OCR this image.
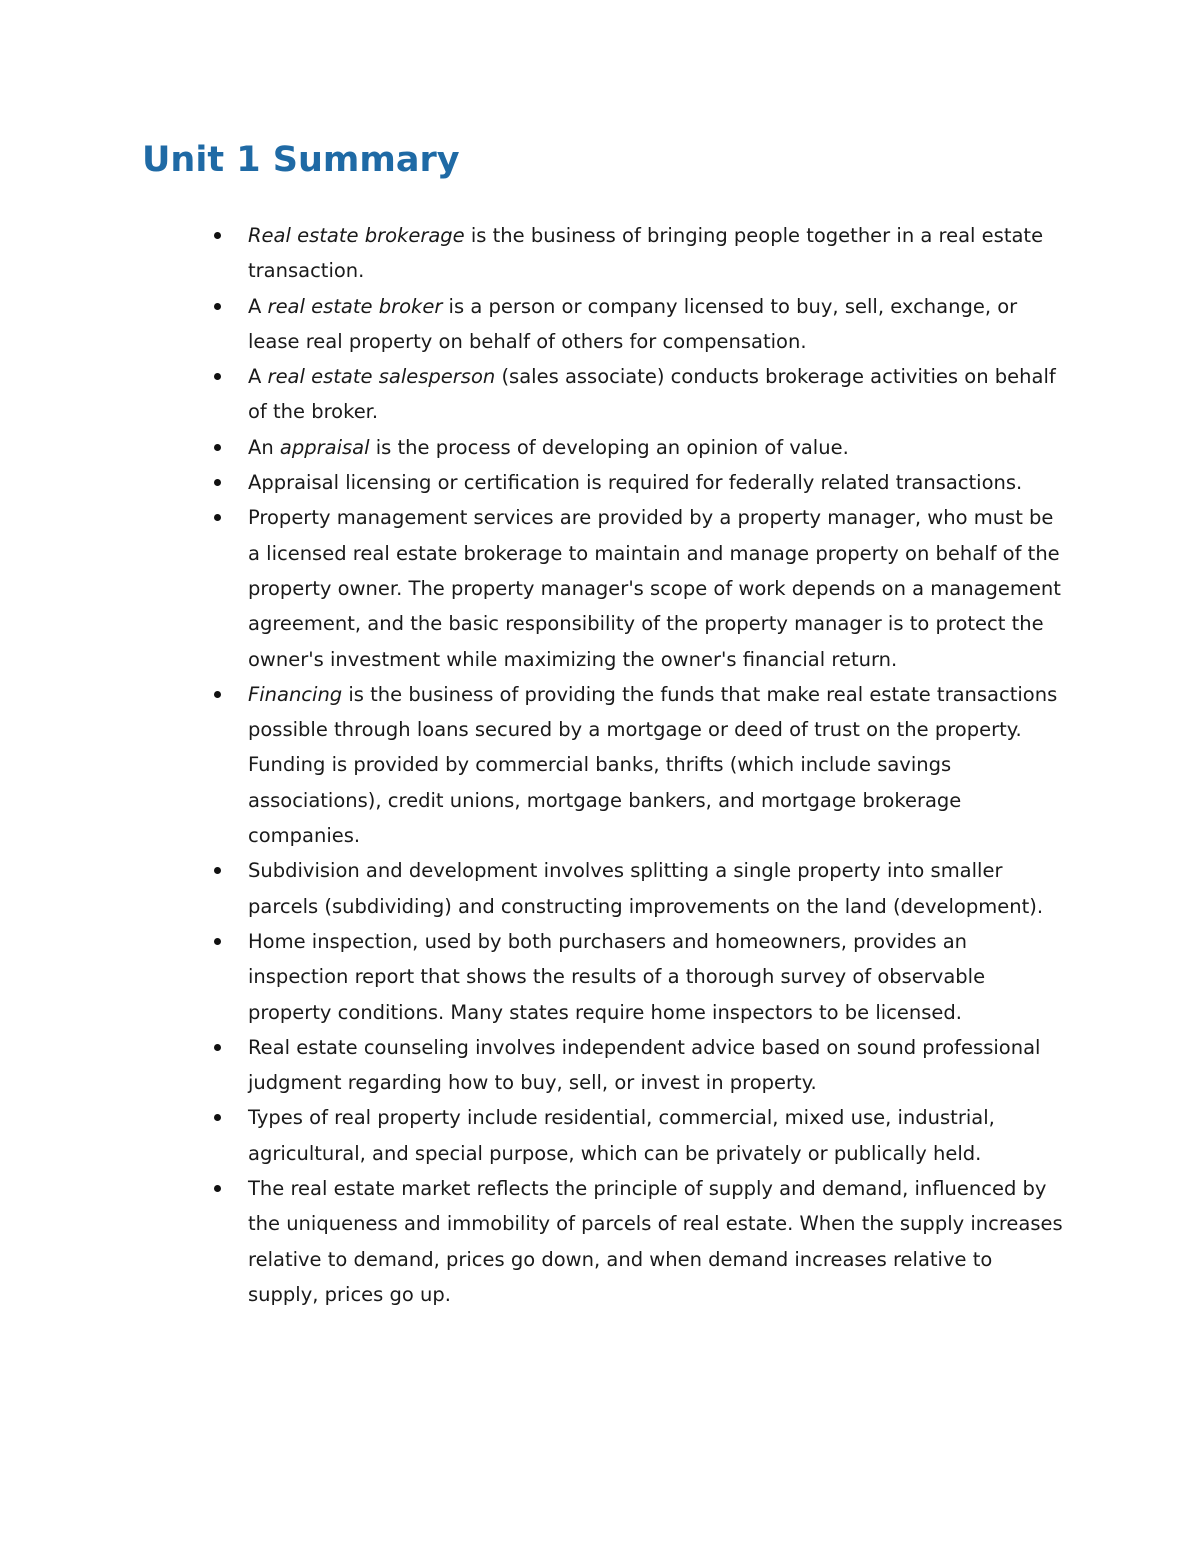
Unit 1 Summary
Real estate brokerage is the business of bringing people together in a real estate transaction.
A real estate broker is a person or company licensed to buy, sell, exchange, or lease real property on behalf of others for compensation.
A real estate salesperson (sales associate) conducts brokerage activities on behalf of the broker.
An appraisal is the process of developing an opinion of value.
Appraisal licensing or certification is required for federally related transactions.
Property management services are provided by a property manager, who must be a licensed real estate brokerage to maintain and manage property on behalf of the property owner. The property manager's scope of work depends on a management agreement, and the basic responsibility of the property manager is to protect the owner's investment while maximizing the owner's financial return.
Financing is the business of providing the funds that make real estate transactions possible through loans secured by a mortgage or deed of trust on the property. Funding is provided by commercial banks, thrifts (which include savings associations), credit unions, mortgage bankers, and mortgage brokerage companies.
Subdivision and development involves splitting a single property into smaller parcels (subdividing) and constructing improvements on the land (development).
Home inspection, used by both purchasers and homeowners, provides an inspection report that shows the results of a thorough survey of observable property conditions. Many states require home inspectors to be licensed.
Real estate counseling involves independent advice based on sound professional judgment regarding how to buy, sell, or invest in property.
Types of real property include residential, commercial, mixed use, industrial, agricultural, and special purpose, which can be privately or publically held.
The real estate market reflects the principle of supply and demand, influenced by the uniqueness and immobility of parcels of real estate. When the supply increases relative to demand, prices go down, and when demand increases relative to supply, prices go up.
